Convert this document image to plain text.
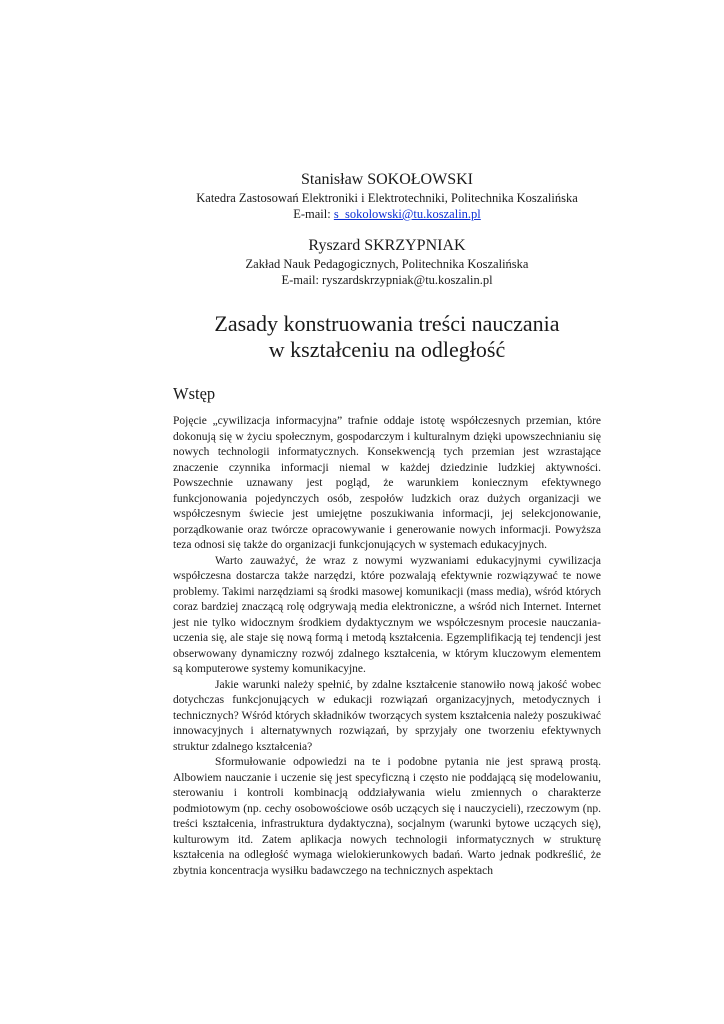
Stanisław SOKOŁOWSKI
Katedra Zastosowań Elektroniki i Elektrotechniki, Politechnika Koszalińska
E-mail: s_sokolowski@tu.koszalin.pl
Ryszard SKRZYPNIAK
Zakład Nauk Pedagogicznych, Politechnika Koszalińska
E-mail: ryszardskrzypniak@tu.koszalin.pl
Zasady konstruowania treści nauczania
w kształceniu na odległość
Wstęp

Pojęcie „cywilizacja informacyjna” trafnie oddaje istotę współczesnych przemian, które dokonują się w życiu społecznym, gospodarczym i kulturalnym dzięki upowszechnianiu się nowych technologii informatycznych. Konsekwencją tych przemian jest wzrastające znaczenie czynnika informacji niemal w każdej dziedzinie ludzkiej aktywności. Powszechnie uznawany jest pogląd, że warunkiem koniecznym efektywnego funkcjonowania pojedynczych osób, zespołów ludzkich oraz dużych organizacji we współczesnym świecie jest umiejętne poszukiwania informacji, jej selekcjonowanie, porządkowanie oraz twórcze opracowywanie i generowanie nowych informacji. Powyższa teza odnosi się także do organizacji funkcjonujących w systemach edukacyjnych.

Warto zauważyć, że wraz z nowymi wyzwaniami edukacyjnymi cywilizacja współczesna dostarcza także narzędzi, które pozwalają efektywnie rozwiązywać te nowe problemy. Takimi narzędziami są środki masowej komunikacji (mass media), wśród których coraz bardziej znaczącą rolę odgrywają media elektroniczne, a wśród nich Internet. Internet jest nie tylko widocznym środkiem dydaktycznym we współczesnym procesie nauczania-uczenia się, ale staje się nową formą i metodą kształcenia. Egzemplifikacją tej tendencji jest obserwowany dynamiczny rozwój zdalnego kształcenia, w którym kluczowym elementem są komputerowe systemy komunikacyjne.

Jakie warunki należy spełnić, by zdalne kształcenie stanowiło nową jakość wobec dotychczas funkcjonujących w edukacji rozwiązań organizacyjnych, metodycznych i technicznych? Wśród których składników tworzących system kształcenia należy poszukiwać innowacyjnych i alternatywnych rozwiązań, by sprzyjały one tworzeniu efektywnych struktur zdalnego kształcenia?

Sformułowanie odpowiedzi na te i podobne pytania nie jest sprawą prostą. Albowiem nauczanie i uczenie się jest specyficzną i często nie poddającą się modelowaniu, sterowaniu i kontroli kombinacją oddziaływania wielu zmiennych o charakterze podmiotowym (np. cechy osobowościowe osób uczących się i nauczycieli), rzeczowym (np. treści kształcenia, infrastruktura dydaktyczna), socjalnym (warunki bytowe uczących się), kulturowym itd. Zatem aplikacja nowych technologii informatycznych w strukturę kształcenia na odległość wymaga wielokierunkowych badań. Warto jednak podkreślić, że zbytnia koncentracja wysiłku badawczego na technicznych aspektach
